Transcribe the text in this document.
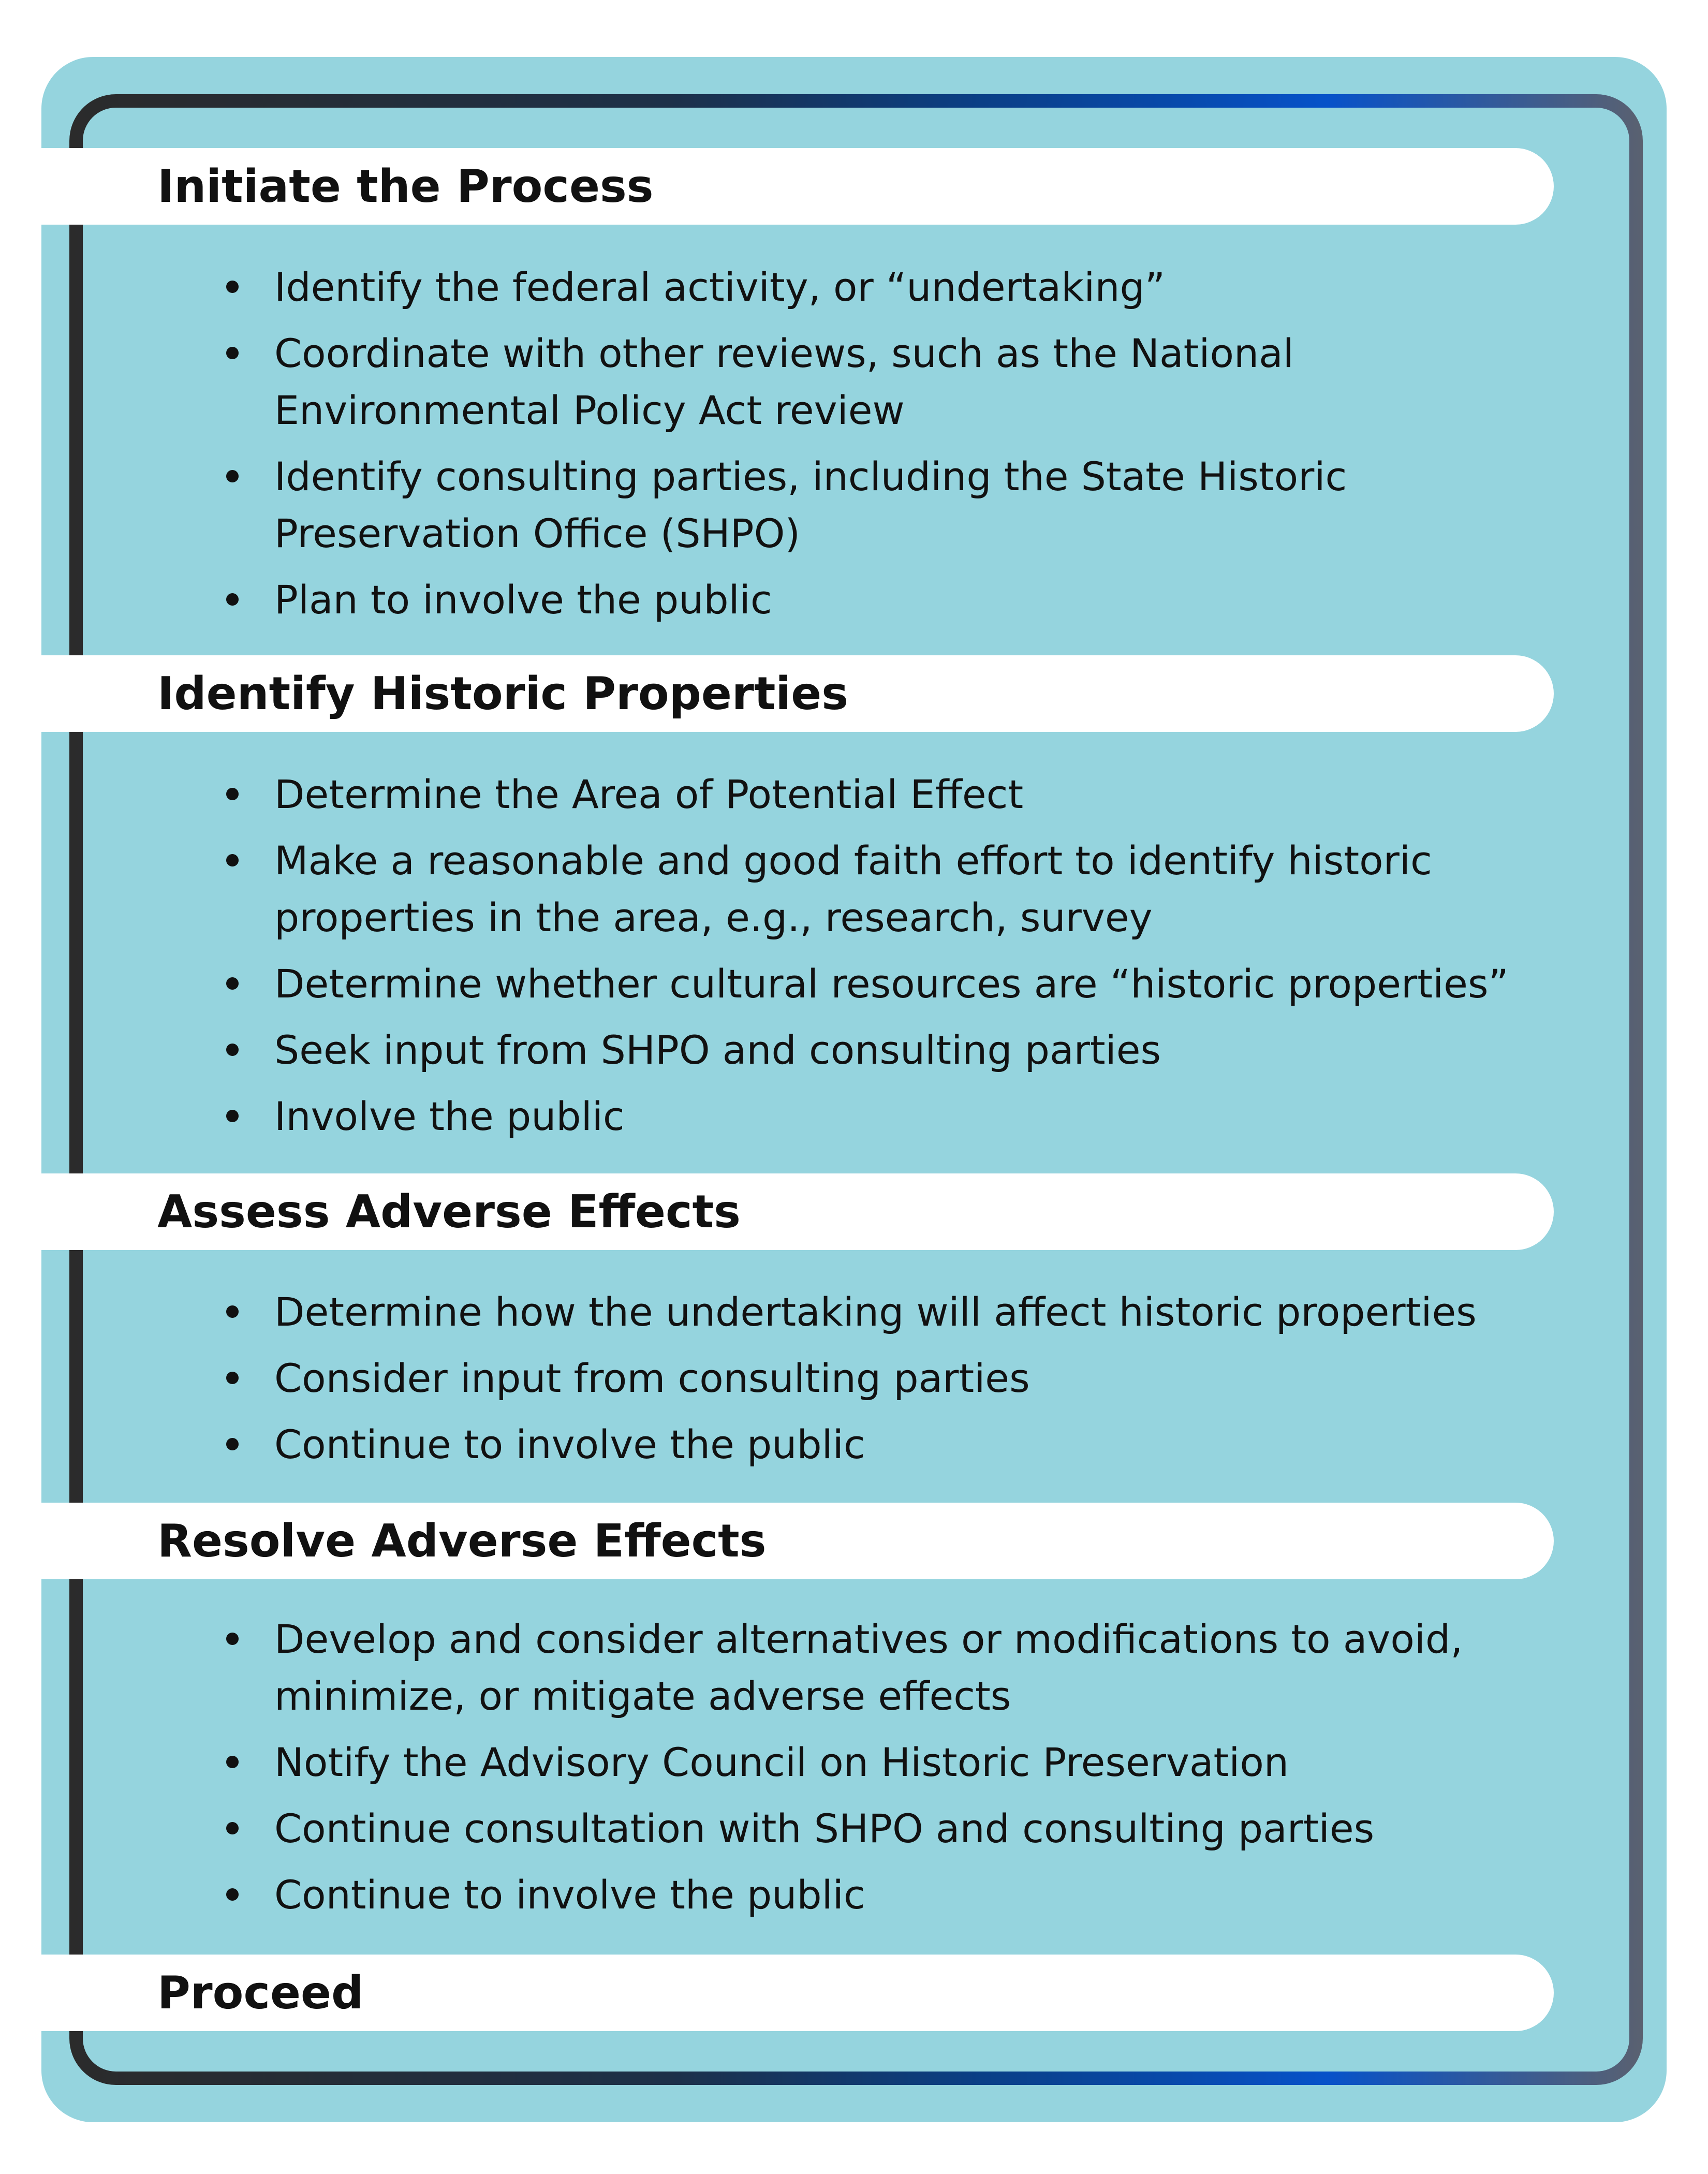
Initiate the Process
Identify the federal activity, or “undertaking”
Coordinate with other reviews, such as the National Environmental Policy Act review
Identify consulting parties, including the State Historic Preservation Office (SHPO)
Plan to involve the public
Identify Historic Properties
Determine the Area of Potential Effect
Make a reasonable and good faith effort to identify historic properties in the area, e.g., research, survey
Determine whether cultural resources are “historic properties”
Seek input from SHPO and consulting parties
Involve the public
Assess Adverse Effects
Determine how the undertaking will affect historic properties
Consider input from consulting parties
Continue to involve the public
Resolve Adverse Effects
Develop and consider alternatives or modifications to avoid, minimize, or mitigate adverse effects
Notify the Advisory Council on Historic Preservation
Continue consultation with SHPO and consulting parties
Continue to involve the public
Proceed
